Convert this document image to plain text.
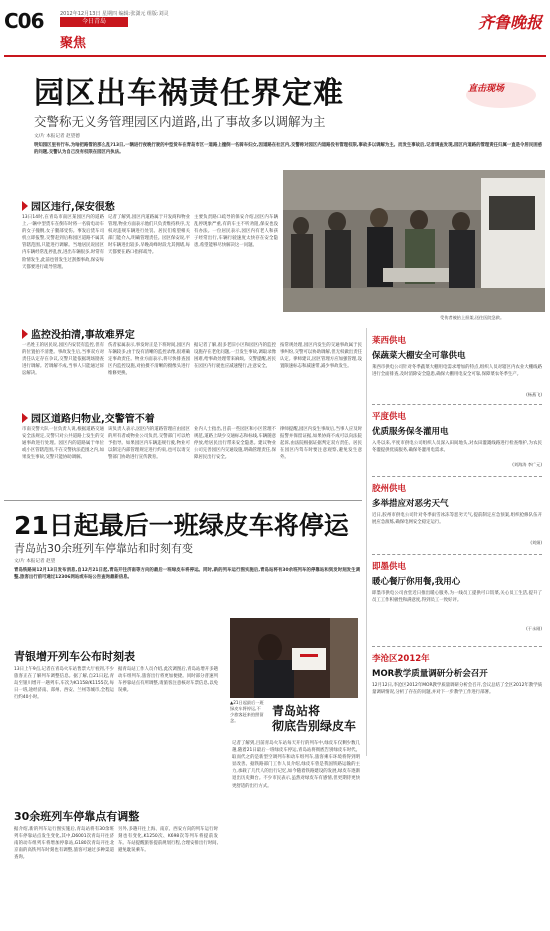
C06	2012年12月13日 星期四 编辑:张潇元 组版:刘灵
今日青岛
聚焦
齐鲁晚报
园区出车祸责任界定难	直击现场
交警称无义务管理园区内道路,出了事故多以调解为主
文/片 本报记者 赵望德
明知园区里有行车,为啥把路管的那么乱?13日,一辆进行夜晚行驶的中型货车在青岛市区一道路上撞倒一名骑车妇女,因道路在社区内,交警称对园区内道路没有管理权限,事故多以调解为主。而发生事故后,记者调查发现,园区内道路的管理责任归属一直是令居民困惑的问题,交警认为自己没有权限在园区内执法。
受伤者被抬上担架,送往医院急救。
园区违行,保安很愁
13日14时,在青岛市南区某园区内的道路上,一辆中型货车在倒车时将一名骑电动车的女子撞倒,女子腿部受伤。事发后货车司机立即报警,交警赶到后称园区道路不属其管辖范围,只能进行调解。当地居民说园区内车辆经常乱停乱放,进出车辆很多,时常有险情发生,此前也曾发生过刮擦事故,保安每天都要进行疏导管理。
记者了解到,园区内道路属于开发商和物业管理,物业方面表示他们只负责维持秩序,无权对违规车辆进行处罚。居民们希望相关部门能介入,明确管理责任。园区保安说,平时车辆进出较多,早晚高峰时段尤其拥堵,每天都要在路口指挥疏导。
主要负责路口疏导的保安介绍,园区内车辆乱停现象严重,有的车主不听劝阻,保安也没有办法。一位居民表示,园区内有老人和孩子经常出行,车辆行驶速度太快存在安全隐患,希望能够尽快解决这一问题。
监控没拍清,事故难界定
一名姓王的居民说,园区内安装有监控,但有的位置拍不清楚。事故发生后,当事双方对责任认定存在争议,交警只能依据现场勘查进行调解。若调解不成,当事人只能通过诉讼解决。
伤者家属表示,事发时正是下班时间,园区内车辆较多,由于没有清晰的监控录像,很难确定事故责任。物业方面表示,将尽快排查园区内监控设施,对拍摄不清晰的摄像头进行维修更换。
据记者了解,很多老旧小区和园区内的监控设施存在老化问题,一旦发生事故,调取录像困难,给事故处理带来麻烦。交警提醒,居民在园区内行驶也应减速慢行,注意安全。
按常规处理,园区内发生的交通事故属于民事纠纷,交警可以协助调解,但无权做出责任认定。律师建议,园区管理方应加强管理,设置限速标志和减速带,减少事故发生。
园区道路归物业,交警管不着
市南交警大队一位负责人说,根据道路交通安全法规定,交警只对公共道路上发生的交通事故进行处理。园区内的道路属于单位或小区管辖范围,不在交警执法范围之内,如果发生事故,交警只能协助调解。
该负责人表示,园区内的道路管理应由园区的所有者或物业公司负责,交警部门可以给予指导。如果园区内车辆违规行驶,物业可以制定内部管理规定进行约束,也可以请交警部门协助进行宣传教育。
业内人士指出,目前一些园区和小区管理不规范,道路上缺少交通标志和标线,车辆随意停放,给居民出行带来安全隐患。建议物业公司完善园区内交通设施,明确管理责任,保障居民出行安全。
律师提醒,园区内发生事故后,当事人应及时报警并保留证据,如果协商不成可以向法院起诉,由法院根据证据判定双方责任。居民在园区内驾车时要注意观察,避免发生意外。
莱西供电
保蔬菜大棚安全可靠供电
莱西市供电公司针对冬季蔬菜大棚用电需求增加的特点,组织人员对辖区内农业大棚线路进行全面排查,及时消除安全隐患,确保大棚用电安全可靠,保障菜农冬季生产。
(杨燕飞)
平度供电
优质服务保冬灌用电
入冬以来,平度市供电公司组织人员深入田间地头,对农田灌溉线路进行检查维护,为农民冬灌提供优质服务,确保冬灌用电需求。
(刘海涛 李广元)
胶州供电
多举措应对恶劣天气
近日,胶州市供电公司针对冬季雨雪冰冻等恶劣天气,提前制定应急预案,组织抢修队伍开展应急演练,确保电网安全稳定运行。
(刘娟)
即墨供电
暖心餐厅你用餐,我用心
即墨市供电公司食堂近日推出暖心服务,为一线员工提供可口饭菜,关心员工生活,提升了员工工作积极性和满意度,得到员工一致好评。
(于永刚)
李沧区2012年
MOR教学质量调研分析会召开
12月12日,李沧区2012年MOR教学质量调研分析会召开,会议总结了全区2012年教学质量调研情况,分析了存在的问题,并对下一步教学工作进行部署。
21日起最后一班绿皮车将停运
青岛站30余班列车停靠站和时刻有变
文/片 本报记者 赵望
青岛铁路局12月13日发布消息,自12月21日起,青岛开往济南等方向的最后一班绿皮车将停运。同时,新的列车运行图实施后,青岛站将有30余班列车的停靠站和到发时刻发生调整,旅客出行前可通过12306网站或车站公告查询最新信息。
青银增开列车公布时刻表
13日上午9点,记者在青岛火车站售票大厅看到,不少旅客正在了解列车调整信息。据了解,自21日起,青岛至银川增开一趟列车,车次为K1158/K1155次,每日一班,途经济南、郑州、西安、兰州等城市,全程运行约40小时。
据青岛站工作人员介绍,此次调图后,青岛站增开多趟动车组列车,旅客出行将更加便捷。同时部分普速列车停靠站点有所调整,请旅客注意核对车票信息,以免误乘。
30余班列车停靠点有调整
据介绍,新的列车运行图实施后,青岛站将有30余班列车停靠站点发生变化,其中,D6001次青岛开往济南的动车组列车将增加停靠站,G180次青岛开往北京南的高铁列车时刻也有调整,旅客可通过多种渠道查询。
另外,多趟开往上海、南京、西安方向的列车运行时刻也有变化,K1250次、K698次等列车将提前发车。车站提醒旅客提前规划行程,合理安排出行时间,避免耽误乘车。
▲21日起最后一班绿皮车将停运,不少旅客赶来拍照留念。
青岛站将
彻底告别绿皮车
记者了解到,目前青岛火车站每天开行的列车中,绿皮车仅剩少数几趟,随着21日最后一班绿皮车停运,青岛站将彻底告别绿皮车时代。取而代之的是新型空调列车和动车组列车,旅客乘车环境将得到明显改善。据铁路部门工作人员介绍,绿皮车曾是我国铁路运输的主力,承载了几代人的出行记忆,如今随着铁路建设的发展,绿皮车逐渐退出历史舞台。不少市民表示,虽然对绿皮车有感情,但更期待更快更舒适的出行方式。
